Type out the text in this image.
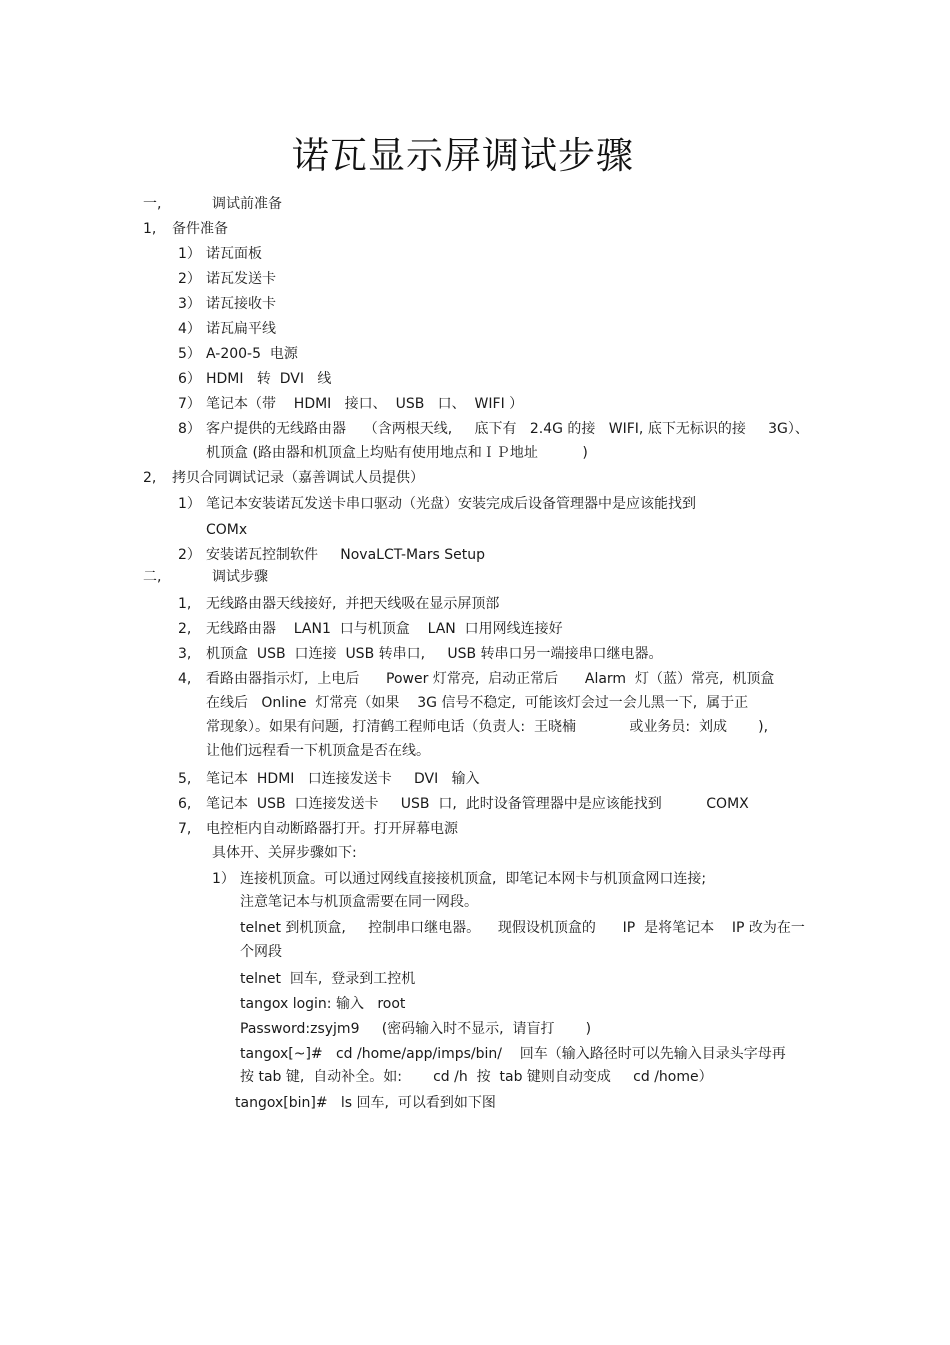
诺瓦显示屏调试步骤
一,	调试前准备
1, 备件准备
1） 诺瓦面板
2） 诺瓦发送卡
3） 诺瓦接收卡
4） 诺瓦扁平线
5） A-200-5  电源
6） HDMI   转  DVI   线
7） 笔记本（带    HDMI   接口、  USB   口、  WIFI ）
8） 客户提供的无线路由器    （含两根天线,     底下有   2.4G 的接   WIFI, 底下无标识的接     3G）、
机顶盒 (路由器和机顶盒上均贴有使用地点和ＩＰ地址          )
2, 拷贝合同调试记录（嘉善调试人员提供）
1） 笔记本安装诺瓦发送卡串口驱动（光盘）安装完成后设备管理器中是应该能找到
COMx
2） 安装诺瓦控制软件     NovaLCT-Mars Setup
二,	调试步骤
1, 无线路由器天线接好,  并把天线吸在显示屏顶部
2, 无线路由器    LAN1  口与机顶盒    LAN  口用网线连接好
3, 机顶盒  USB  口连接  USB 转串口,     USB 转串口另一端接串口继电器。
4, 看路由器指示灯,  上电后      Power 灯常亮,  启动正常后      Alarm  灯（蓝）常亮,  机顶盒
在线后   Online  灯常亮（如果    3G 信号不稳定,  可能该灯会过一会儿黑一下,  属于正
常现象）。如果有问题,  打清鹤工程师电话（负责人:  王晓楠            或业务员:  刘成       ),
让他们远程看一下机顶盒是否在线。
5, 笔记本  HDMI   口连接发送卡     DVI   输入
6, 笔记本  USB  口连接发送卡     USB  口,  此时设备管理器中是应该能找到          COMX
7, 电控柜内自动断路器打开。打开屏幕电源
具体开、关屏步骤如下:
1） 连接机顶盒。可以通过网线直接接机顶盒,  即笔记本网卡与机顶盒网口连接;
注意笔记本与机顶盒需要在同一网段。
telnet 到机顶盒,     控制串口继电器。    现假设机顶盒的      IP  是将笔记本    IP 改为在一
个网段
telnet  回车,  登录到工控机
tangox login: 输入   root
Password:zsyjm9     (密码输入时不显示,  请盲打       )
tangox[~]#   cd /home/app/imps/bin/    回车（输入路径时可以先输入目录头字母再
按 tab 键,  自动补全。如:       cd /h  按  tab 键则自动变成     cd /home）
tangox[bin]#   ls 回车,  可以看到如下图
